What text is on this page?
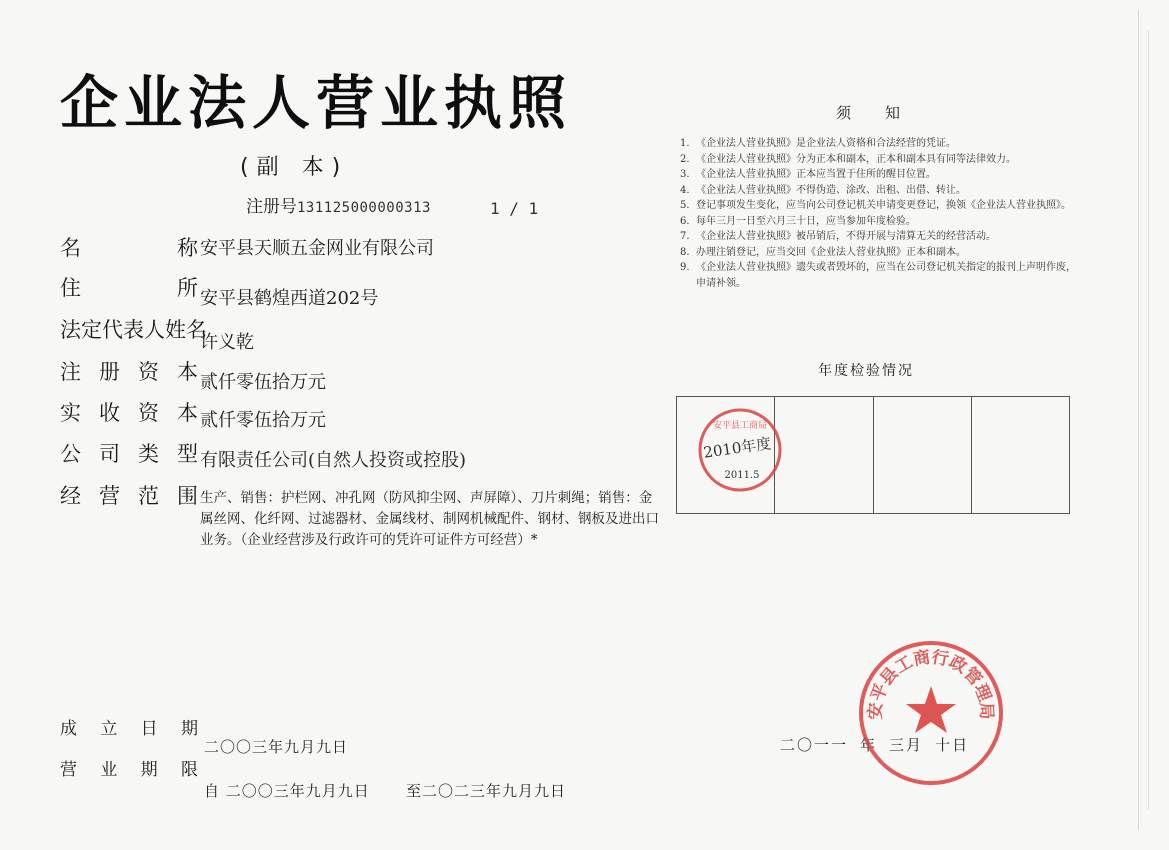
企业法人营业执照
(副 本)
注册号131125000000313	1 / 1
名	称 安平县天顺五金网业有限公司
住	所 安平县鹤煌西道202号
法定代表人姓名
许义乾
注 册 资 本 贰仟零伍拾万元
实 收 资 本 贰仟零伍拾万元
公 司 类 型 有限责任公司(自然人投资或控股)
经 营 范 围 生产、销售：护栏网、冲孔网（防风抑尘网、声屏障）、刀片刺绳；销售：金属丝网、化纤网、过滤器材、金属线材、制网机械配件、钢材、钢板及进出口业务。（企业经营涉及行政许可的凭许可证件方可经营）*
须知
1. 《企业法人营业执照》是企业法人资格和合法经营的凭证。
2. 《企业法人营业执照》分为正本和副本，正本和副本具有同等法律效力。
3. 《企业法人营业执照》正本应当置于住所的醒目位置。
4. 《企业法人营业执照》不得伪造、涂改、出租、出借、转让。
5. 登记事项发生变化，应当向公司登记机关申请变更登记，换领《企业法人营业执照》。
6. 每年三月一日至六月三十日，应当参加年度检验。
7. 《企业法人营业执照》被吊销后，不得开展与清算无关的经营活动。
8. 办理注销登记，应当交回《企业法人营业执照》正本和副本。
9. 《企业法人营业执照》遗失或者毁坏的，应当在公司登记机关指定的报刊上声明作废，申请补领。
年度检验情况
安平县工商局
2010年度
2011.5
成 立 日 期
二〇〇三年九月九日
营 业 期 限
自 二〇〇三年九月九日 至二〇二三年九月九日
二〇一一 年 三月 十日
安平县工商行政管理局
